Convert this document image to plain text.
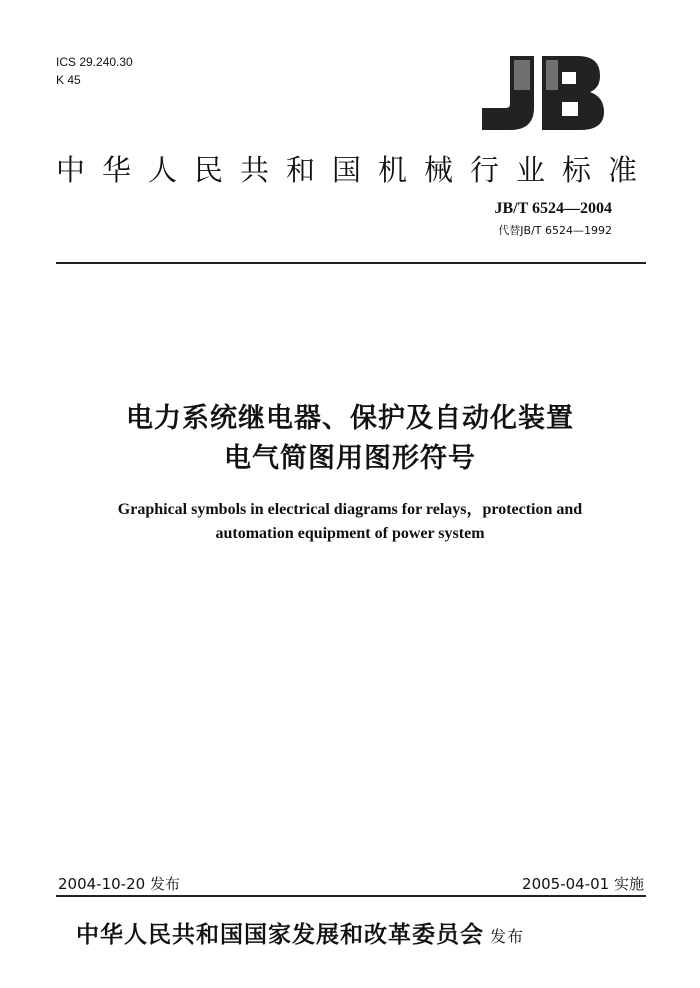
ICS 29.240.30
K 45
中华人民共和国机械行业标准
JB/T 6524—2004
代替JB/T 6524—1992
电力系统继电器、保护及自动化装置
电气简图用图形符号
Graphical symbols in electrical diagrams for relays，protection and
automation equipment of power system
2004-10-20 发布	2005-04-01 实施
中华人民共和国国家发展和改革委员会 发布
